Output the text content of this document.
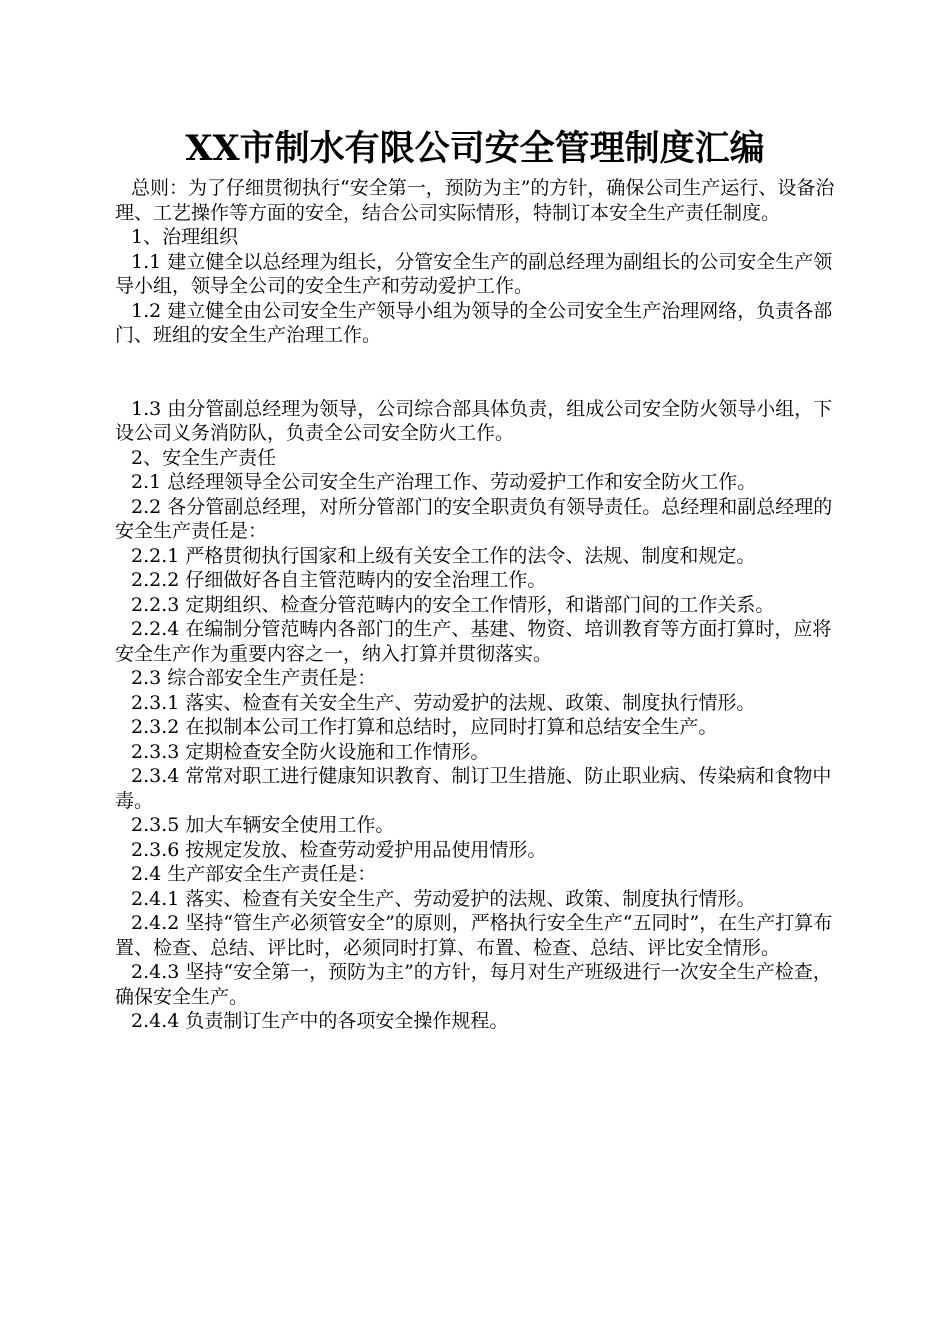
XX市制水有限公司安全管理制度汇编

总则：为了仔细贯彻执行“安全第一，预防为主”的方针，确保公司生产运行、设备治理、工艺操作等方面的安全，结合公司实际情形，特制订本安全生产责任制度。

1、治理组织

1.1 建立健全以总经理为组长，分管安全生产的副总经理为副组长的公司安全生产领导小组，领导全公司的安全生产和劳动爱护工作。

1.2 建立健全由公司安全生产领导小组为领导的全公司安全生产治理网络，负责各部门、班组的安全生产治理工作。

1.3 由分管副总经理为领导，公司综合部具体负责，组成公司安全防火领导小组，下设公司义务消防队，负责全公司安全防火工作。

2、安全生产责任

2.1 总经理领导全公司安全生产治理工作、劳动爱护工作和安全防火工作。

2.2 各分管副总经理，对所分管部门的安全职责负有领导责任。总经理和副总经理的安全生产责任是：

2.2.1 严格贯彻执行国家和上级有关安全工作的法令、法规、制度和规定。

2.2.2 仔细做好各自主管范畴内的安全治理工作。

2.2.3 定期组织、检查分管范畴内的安全工作情形，和谐部门间的工作关系。

2.2.4 在编制分管范畴内各部门的生产、基建、物资、培训教育等方面打算时，应将安全生产作为重要内容之一，纳入打算并贯彻落实。

2.3 综合部安全生产责任是：

2.3.1 落实、检查有关安全生产、劳动爱护的法规、政策、制度执行情形。

2.3.2 在拟制本公司工作打算和总结时，应同时打算和总结安全生产。

2.3.3 定期检查安全防火设施和工作情形。

2.3.4 常常对职工进行健康知识教育、制订卫生措施、防止职业病、传染病和食物中毒。

2.3.5 加大车辆安全使用工作。

2.3.6 按规定发放、检查劳动爱护用品使用情形。

2.4 生产部安全生产责任是：

2.4.1 落实、检查有关安全生产、劳动爱护的法规、政策、制度执行情形。

2.4.2 坚持“管生产必须管安全”的原则，严格执行安全生产“五同时”，在生产打算布置、检查、总结、评比时，必须同时打算、布置、检查、总结、评比安全情形。

2.4.3 坚持“安全第一，预防为主”的方针，每月对生产班级进行一次安全生产检查，确保安全生产。

2.4.4 负责制订生产中的各项安全操作规程。
